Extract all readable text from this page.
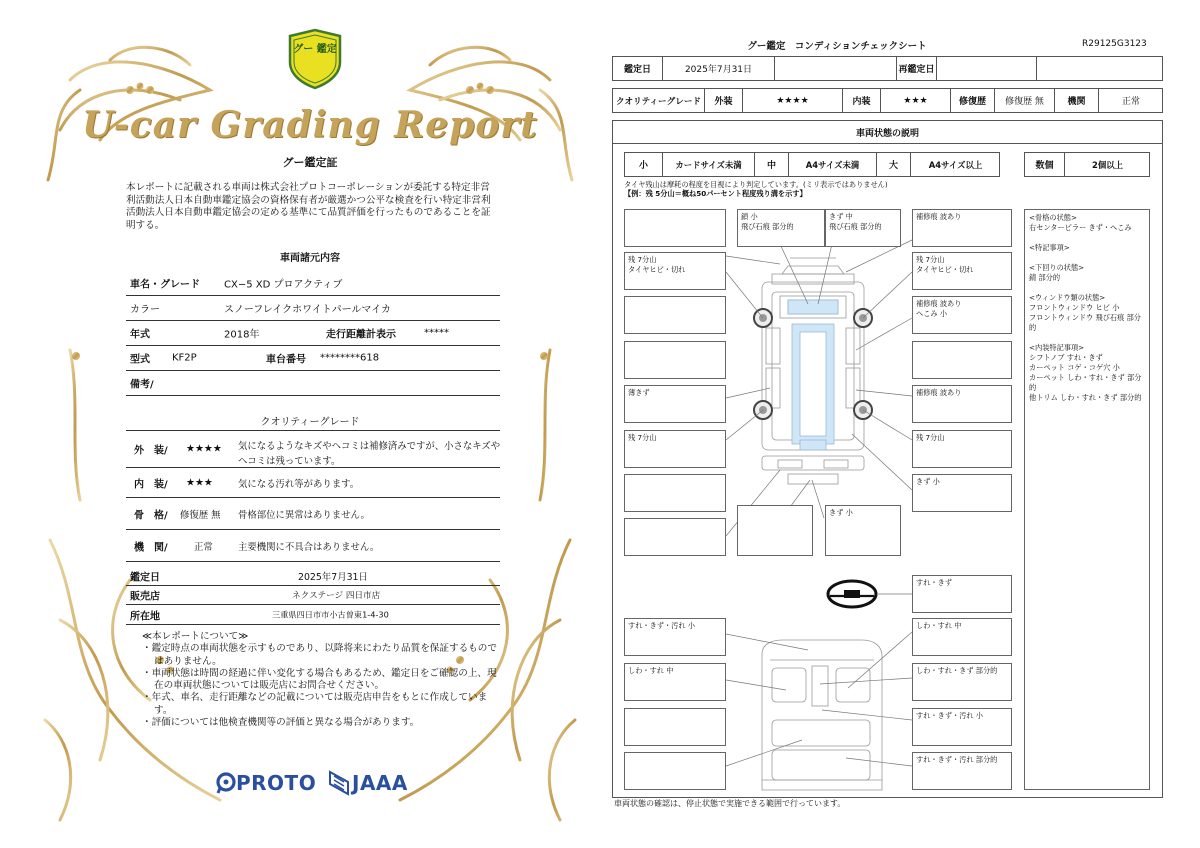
グー 鑑定
U-car Grading Report
グー鑑定証
本レポートに記載される車両は株式会社プロトコーポレーションが委託する特定非営利活動法人日本自動車鑑定協会の資格保有者が厳選かつ公平な検査を行い特定非営利活動法人日本自動車鑑定協会の定める基準にて品質評価を行ったものであることを証明する。
車両諸元内容
車名・グレード CX−5 XD プロアクティブ
カラー	スノーフレイクホワイトパールマイカ
年式	2018年	走行距離計表示	*****
型式 KF2P	車台番号 ********618
備考/
クオリティーグレード
外　装/ ★★★★ 気になるようなキズやヘコミは補修済みですが、小さなキズや
ヘコミは残っています。
内　装/ ★★★	気になる汚れ等があります。
骨　格/ 修復歴 無 骨格部位に異常はありません。
機　関/	正常	主要機関に不具合はありません。
鑑定日	2025年7月31日
販売店	ネクステージ 四日市店
所在地	三重県四日市市小古曽東1-4-30
≪本レポートについて≫
・鑑定時点の車両状態を示すものであり、以降将来にわたり品質を保証するものではありません。
・車両状態は時間の経過に伴い変化する場合もあるため、鑑定日をご確認の上、現在の車両状態については販売店にお問合せください。
・年式、車名、走行距離などの記載については販売店申告をもとに作成しています。
・評価については他検査機関等の評価と異なる場合があります。
PROTO JAAA
グー鑑定　コンディションチェックシート	R29125G3123
鑑定日	2025年7月31日	再鑑定日
クオリティーグレード	外装	★★★★	内装	★★★	修復歴	修復歴 無	機関	正常
車両状態の説明
小	カードサイズ未満	中	A4サイズ未満	大	A4サイズ以上	数個	2個以上
タイヤ残山は摩耗の程度を目視により判定しています。(ミリ表示ではありません)
【例：残 5分山＝概ね50パーセント程度残り溝を示す】
残 7分山
タイヤヒビ・切れ
薄きず
残 7分山
鎖 小
飛び石痕 部分的
きず 中
飛び石痕 部分的
きず 小
補修痕 波あり
残 7分山
タイヤヒビ・切れ
補修痕 波あり
へこみ 小
補修痕 波あり
残 7分山
きず 小
すれ・きず
すれ・きず・汚れ 小	しわ・すれ 中
しわ・すれ 中	しわ・すれ・きず 部分的
すれ・きず・汚れ 小
すれ・きず・汚れ 部分的
<骨格の状態>
右センターピラー きず・へこみ

<特記事項>

<下回りの状態>
錆 部分的

<ウィンドウ類の状態>
フロントウィンドウ ヒビ 小
フロントウィンドウ 飛び石痕 部分的

<内装特記事項>
シフトノブ すれ・きず
カーペット コゲ・コゲ穴 小
カーペット しわ・すれ・きず 部分的
他トリム しわ・すれ・きず 部分的
車両状態の確認は、停止状態で実施できる範囲で行っています。
